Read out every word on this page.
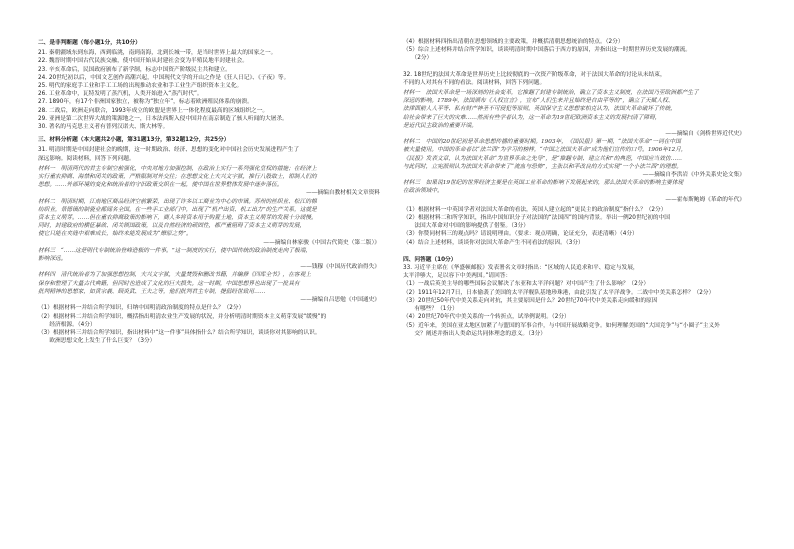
二、是非判断题（每小题1分，共10分）
21. 秦朝疆域东到东海，西到临洮，南到南海，北到长城一带，是当时世界上最大的国家之一。
22. 魏晋时期中国古代民族交融，使中国开始从封建社会变为半殖民地半封建社会。
23. 辛亥革命后，民国政府颁布了新学制，标志中国资产阶级民主共和建立。
24. 20世纪初以后，中国文艺创作高潮兴起，中国现代文学的开山之作是《狂人日记》、《子夜》等。
25. 明代的家庭手工业和手工工场的出现推动农业和手工业生产组织资本主义化。
26. 工业革命中，瓦特发明了蒸汽机，人类开始进入“蒸汽时代”。
27. 1890年，有17个非洲国家独立，被称为“独立年”，标志着欧洲殖民体系的崩溃。
28. 二战后，欧洲走向联合，1993年成立的欧盟是世界上一体化程度最高的区域组织之一。
29. 亚洲是第二次世界大战的策源地之一，日本法西斯入侵中国并在南京制造了骇人听闻的大屠杀。
30. 著名的马克思主义者有普列汉诺夫、斯大林等。
三、材料分析题（本大题共2小题，第31题13分，第32题12分，共25分）
31. 明清时期是中国封建社会的晚期，这一时期政治、经济、思想的变化对中国社会历史发展进程产生了
深远影响。阅读材料，回答下列问题。
材料一　明清两代的君主专制空前强化，中央对地方加强控制，在政治上实行一系列强化皇权的措施；在经济上
实行重农抑商、海禁和闭关的政策，严格限制对外交往；在思想文化上大兴文字狱，推行八股取士，钳制人们的
思想。……外部环境的变化和统治者的守旧政策交织在一起，使中国在世界整体发展中逐步落伍。
——摘编自教材相关文章资料
材料二　明清时期，江南地区商品经济空前繁荣，出现了许多以工商业为中心的市镇。苏州的丝织业、松江的棉
纺织业，景德镇的制瓷业都闻名全国。在一些手工业部门中，出现了“机户出资、机工出力”的生产关系，这就是
资本主义萌芽。……但在重农抑商政策的影响下，商人多将资本用于购置土地，资本主义萌芽的发展十分缓慢。
同时，封建政府的横征暴敛、闭关锁国政策，以及自然经济的顽固性，都严重阻碍了资本主义萌芽的发展，
使它只能在夹缝中艰难成长，始终未能发展成为“燎原之势”。
——摘编自林家骏《中国古代简史（第二版）》
材料三　“……这是明代专制统治登峰造极的一件事。”这一制度的实行，使中国传统的政治制度走向了极端，
影响深远。
——钱穆《中国历代政治得失》
材料四　清代统治者为了加强思想控制，大兴文字狱，大量焚毁和删改书籍，并编修《四库全书》，在客观上
保存和整理了大量古代典籍，但同时也造成了文化的巨大损失。这一时期，中国思想界也出现了一批具有
批判精神的思想家，如黄宗羲、顾炎武、王夫之等，他们批判君主专制，提倡经世致用……
——摘编自吕思勉《中国通史》
（1）根据材料一并结合所学知识，归纳中国明清政治制度的特点是什么？（2分）
（2）根据材料二并结合所学知识，概括指出明清农业生产发展的状况，并分析明清时期资本主义萌芽发展“缓慢”的
　　经济根源。（4分）
（3）根据材料三并结合所学知识，指出材料中“这一件事”具体指什么？结合所学知识，谈谈你对其影响的认识。
　　欧洲思想文化上发生了什么巨变？（3分）
（4）根据材料四指出清朝在思想领域的主要政策，并概括清朝思想统治的特点。（2分）
（5）综合上述材料并结合所学知识，谈谈明清时期中国落后于西方的原因，并指出这一时期世界历史发展的潮流。
　　（2分）
32. 18世纪的法国大革命是世界历史上比较彻底的一次资产阶级革命，对于法国大革命的讨论从未结束，
不同的人对其有不同的看法。阅读材料，回答下列问题。
材料一　法国大革命是一场深刻的社会变革，它推翻了封建专制统治，确立了资本主义制度，在法国乃至欧洲都产生了
深远的影响。1789年，法国颁布《人权宣言》，宣布“人们生来并且始终是自由平等的”，确立了天赋人权、
法律面前人人平等、私有财产神圣不可侵犯等原则。英国保守主义思想家柏克认为，法国大革命破坏了传统，
给社会带来了巨大的灾难……然而有些学者认为，这一革命为19世纪欧洲资本主义的发展扫清了障碍，
是近代民主政治的重要开端。
——摘编自《剑桥世界近代史》
材料二　中国的20世纪初是革命思想传播的重要时期。1903年，《国民报》第一期，“法国大革命”一词在中国
被大量使用。中国的革命者以“法兰西”为学习的榜样，“中国之法国大革命”成为他们宣传的口号。1906年12月，
《民报》发表文章，认为法国大革命“为世界革命之先导”，是“推翻专制、建立共和”的典范，中国应当效仿……
与此同时，立宪派则认为法国大革命带来了“流血与恐怖”，主张以和平改良的方式实现“一个小法兰西”的理想。
——摘编自李洪岩《中外关系史论文集》
材料三　如果说19世纪的世界经济主要是在英国工业革命的影响下发展起来的，那么法国大革命的影响主要体现
在政治领域中。
——霍布斯鲍姆《革命的年代》
（1）根据材料一中英国学者对法国大革命的看法，英国人建立起的“更民主的政治制度”指什么？（2分）
（2）根据材料二和所学知识，指出中国知识分子对法国的“法国四”的国内背景。举出一例20世纪初的中国
　　法国大革命对中国的影响提供了借鉴。（3分）
（3）你赞同材料三的观点吗？请说明理由。（要求：观点明确，论证充分，表述清晰）（4分）
（4）结合上述材料，谈谈你对法国大革命产生不同看法的原因。（3分）
四、问答题（10分）
33. 习近平主席在《华盛顿邮报》发表署名文章时指出：“区域的人民追求和平、稳定与发展，
太平洋够大，足以容下中美两国。”请回答：
（1）一战后英美主导的哪些国际会议解决了东亚和太平洋问题？对中国产生了什么影响？（2分）
（2）1911年12月7日，日本偷袭了美国的太平洋舰队基地珍珠港，由此引发了太平洋战争。二战中中美关系怎样？（2分）
（3）20世纪50年代中美关系走向对抗，其主要原因是什么？20世纪70年代中美关系走向缓和的原因
　　有哪些？（1分）
（4）20世纪70年代中美关系的一个转折点，试举例说明。（2分）
（5）近年来，美国在亚太地区加紧了与盟国的军事合作，与中国开展战略竞争。如何理解美国的“大国竞争”与“小圈子”主义外
　　交？阐述并指出人类命运共同体理念的意义。（3分）
